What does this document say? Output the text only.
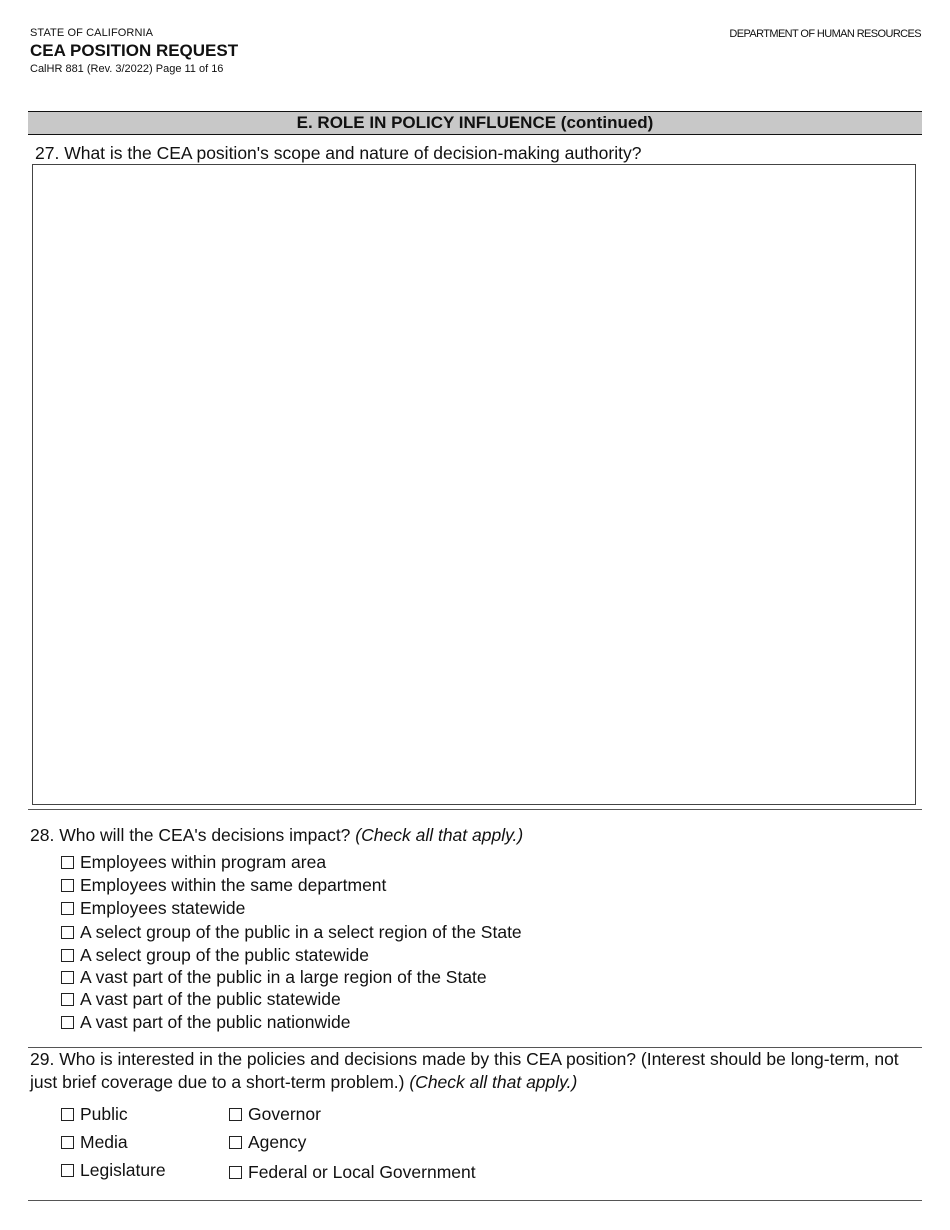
STATE OF CALIFORNIA
CEA POSITION REQUEST
CalHR 881 (Rev. 3/2022) Page 11 of 16
DEPARTMENT OF HUMAN RESOURCES
E. ROLE IN POLICY INFLUENCE (continued)
27. What is the CEA position's scope and nature of decision-making authority?
28. Who will the CEA's decisions impact? (Check all that apply.)
Employees within program area
Employees within the same department
Employees statewide
A select group of the public in a select region of the State
A select group of the public statewide
A vast part of the public in a large region of the State
A vast part of the public statewide
A vast part of the public nationwide
29. Who is interested in the policies and decisions made by this CEA position? (Interest should be long-term, not just brief coverage due to a short-term problem.) (Check all that apply.)
Public
Media
Legislature
Governor
Agency
Federal or Local Government
